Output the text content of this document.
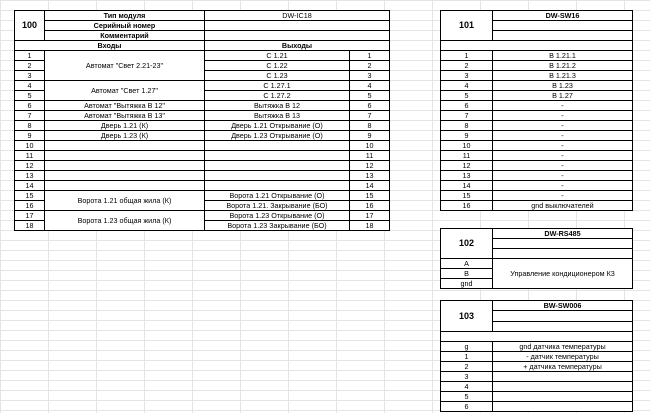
100	Тип модуля	DW-IC18	
	Серийный номер		
	Комментарий		
Входы		Выходы	
1	Автомат "Свет 2.21-23"	С 1.21	1
2		С 1.22	2
3		С 1.23	3
4	Автомат "Свет 1.27"	С 1.27.1	4
5		С 1.27.2	5
6	Автомат "Вытяжка В 12"	Вытяжка В 12	6
7	Автомат "Вытяжка В 13"	Вытяжка В 13	7
8	Дверь 1.21 (К)	Дверь 1.21 Открывание (О)	8
9	Дверь 1.23 (К)	Дверь 1.23 Открывание (О)	9
10			10
11			11
12			12
13			13
14			14
15	Ворота 1.21 общая жила (К)	Ворота 1.21 Открывание (О)	15
16		Ворота 1.21. Закрывание (БО)	16
17	Ворота 1.23 общая жила (К)	Ворота 1.23 Открывание (О)	17
18		Ворота 1.23 Закрывание (БО)	18
101	DW-SW16

1	В 1.21.1
2	В 1.21.2
3	В 1.21.3
4	В 1.23
5	В 1.27
6	-
7	-
8	-
9	-
10	-
11	-
12	-
13	-
14	-
15	-
16	gnd выключателей
102	DW-RS485

A	Управление кондиционером К3
B	
gnd	
103	BW-SW006

g	gnd датчика температуры
1	- датчик температуры
2	+ датчика температуры
3	
4	
5	
6	
